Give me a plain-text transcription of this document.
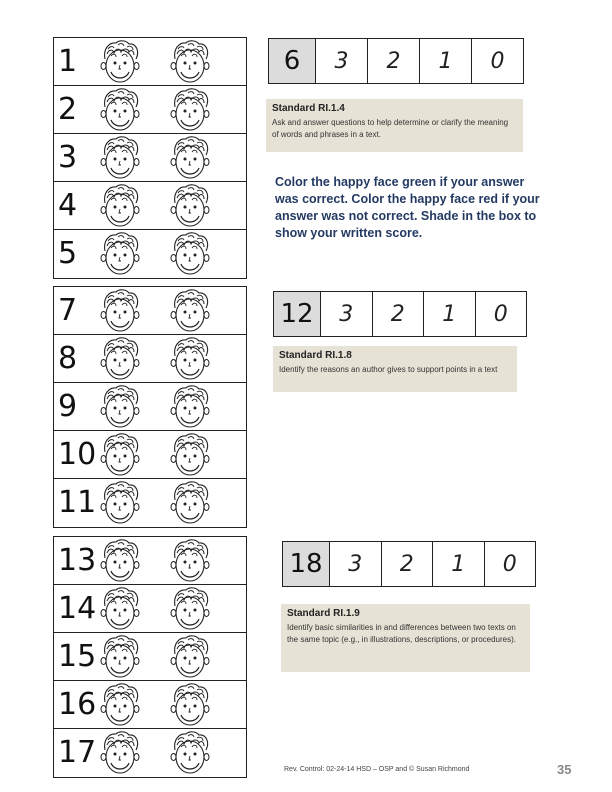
1
2
3
4
5
6	3	2	1	0
Standard RI.1.4
Ask and answer questions to help determine or clarify the meaning of words and phrases in a text.
Color the happy face green if your answer was correct. Color the happy face red if your answer was not correct. Shade in the box to show your written score.
7
8
9
10
11
12	3	2	1	0
Standard RI.1.8
Identify the reasons an author gives to support points in a text
13
14
15
16
17
18	3	2	1	0
Standard RI.1.9
Identify basic similarities in and differences between two texts on the same topic (e.g., in illustrations, descriptions, or procedures).
Rev. Control: 02-24-14 HSD – OSP and © Susan Richmond	35
